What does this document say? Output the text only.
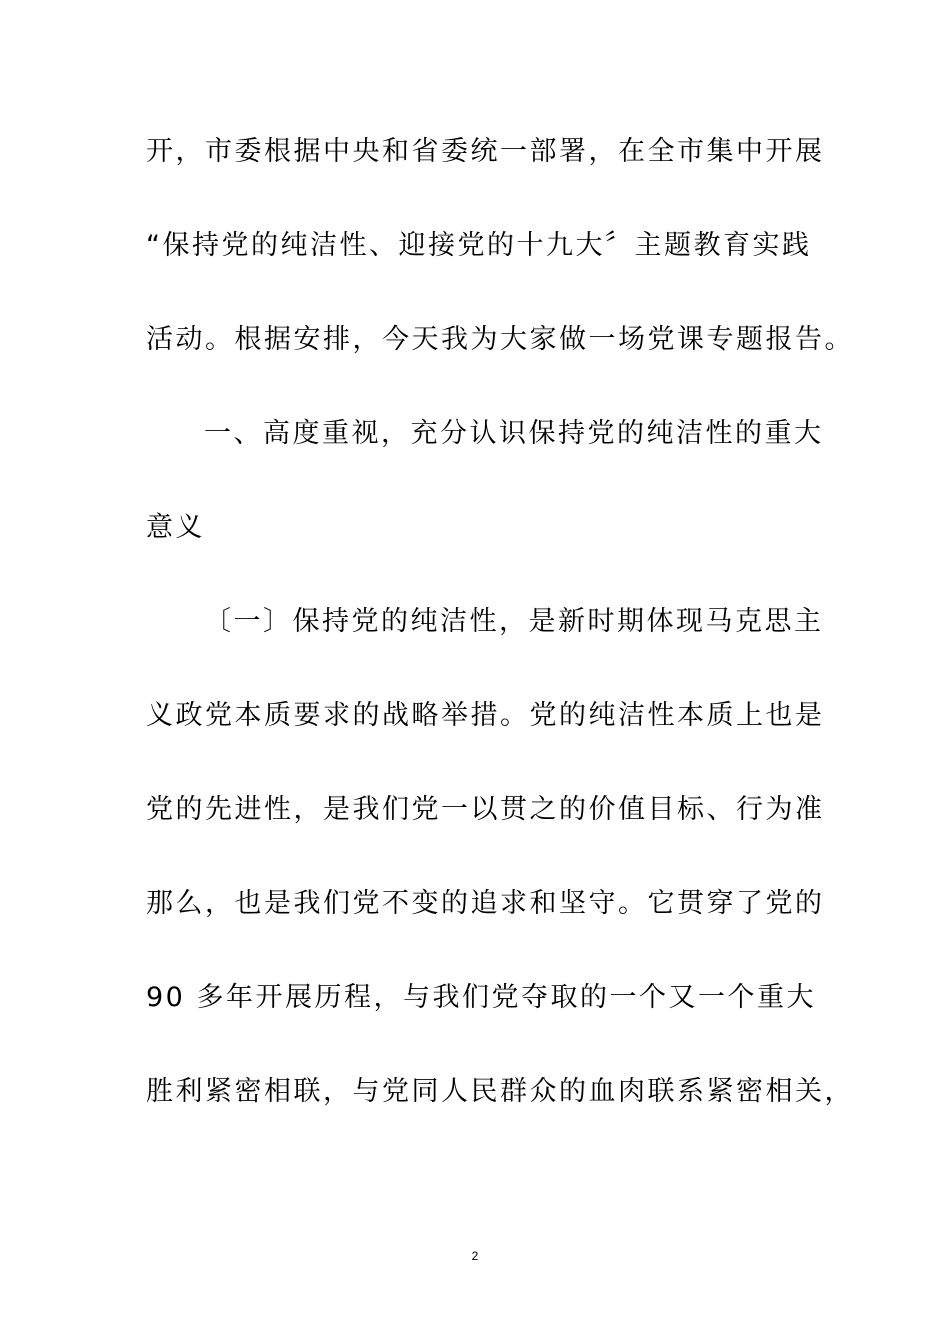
开，市委根据中央和省委统一部署，在全市集中开展
“保持党的纯洁性、迎接党的十九大〞主题教育实践
活动。根据安排，今天我为大家做一场党课专题报告。
一、高度重视，充分认识保持党的纯洁性的重大
意义
〔一〕保持党的纯洁性，是新时期体现马克思主
义政党本质要求的战略举措。党的纯洁性本质上也是
党的先进性，是我们党一以贯之的价值目标、行为准
那么，也是我们党不变的追求和坚守。它贯穿了党的
90 多年开展历程，与我们党夺取的一个又一个重大
胜利紧密相联，与党同人民群众的血肉联系紧密相关，
2
